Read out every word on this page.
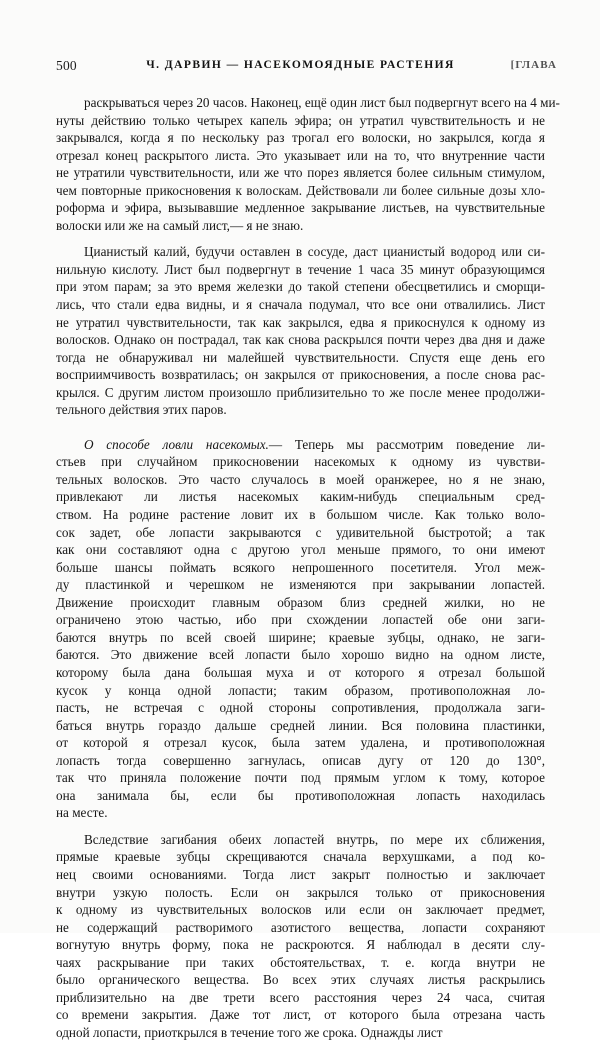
500	Ч. ДАРВИН — НАСЕКОМОЯДНЫЕ РАСТЕНИЯ	[ГЛАВА
раскрываться через 20 часов. Наконец, ещё один лист был подвергнут всего на 4 ми-
нуты действию только четырех капель эфира; он утратил чувствительность и не
закрывался, когда я по нескольку раз трогал его волоски, но закрылся, когда я
отрезал конец раскрытого листа. Это указывает или на то, что внутренние части
не утратили чувствительности, или же что порез является более сильным стимулом,
чем повторные прикосновения к волоскам. Действовали ли более сильные дозы хло-
роформа и эфира, вызывавшие медленное закрывание листьев, на чувствительные
волоски или же на самый лист,— я не знаю.
Цианистый калий, будучи оставлен в сосуде, даст цианистый водород или си-
нильную кислоту. Лист был подвергнут в течение 1 часа 35 минут образующимся
при этом парам; за это время железки до такой степени обесцветились и сморщи-
лись, что стали едва видны, и я сначала подумал, что все они отвалились. Лист
не утратил чувствительности, так как закрылся, едва я прикоснулся к одному из
волосков. Однако он пострадал, так как снова раскрылся почти через два дня и даже
тогда не обнаруживал ни малейшей чувствительности. Спустя еще день его
восприимчивость возвратилась; он закрылся от прикосновения, а после снова рас-
крылся. С другим листом произошло приблизительно то же после менее продолжи-
тельного действия этих паров.
О способе ловли насекомых.— Теперь мы рассмотрим поведение ли-
стьев при случайном прикосновении насекомых к одному из чувстви-
тельных волосков. Это часто случалось в моей оранжерее, но я не знаю,
привлекают ли листья насекомых каким-нибудь специальным сред-
ством. На родине растение ловит их в большом числе. Как только воло-
сок задет, обе лопасти закрываются с удивительной быстротой; а так
как они составляют одна с другою угол меньше прямого, то они имеют
больше шансы поймать всякого непрошенного посетителя. Угол меж-
ду пластинкой и черешком не изменяются при закрывании лопастей.
Движение происходит главным образом близ средней жилки, но не
ограничено этою частью, ибо при схождении лопастей обе они заги-
баются внутрь по всей своей ширине; краевые зубцы, однако, не заги-
баются. Это движение всей лопасти было хорошо видно на одном листе,
которому была дана большая муха и от которого я отрезал большой
кусок у конца одной лопасти; таким образом, противоположная ло-
пасть, не встречая с одной стороны сопротивления, продолжала заги-
баться внутрь гораздо дальше средней линии. Вся половина пластинки,
от которой я отрезал кусок, была затем удалена, и противоположная
лопасть тогда совершенно загнулась, описав дугу от 120 до 130°,
так что приняла положение почти под прямым углом к тому, которое
она занимала бы, если бы противоположная лопасть находилась
на месте.
Вследствие загибания обеих лопастей внутрь, по мере их сближения,
прямые краевые зубцы скрещиваются сначала верхушками, а под ко-
нец своими основаниями. Тогда лист закрыт полностью и заключает
внутри узкую полость. Если он закрылся только от прикосновения
к одному из чувствительных волосков или если он заключает предмет,
не содержащий растворимого азотистого вещества, лопасти сохраняют
вогнутую внутрь форму, пока не раскроются. Я наблюдал в десяти слу-
чаях раскрывание при таких обстоятельствах, т. е. когда внутри не
было органического вещества. Во всех этих случаях листья раскрылись
приблизительно на две трети всего расстояния через 24 часа, считая
со времени закрытия. Даже тот лист, от которого была отрезана часть
одной лопасти, приоткрылся в течение того же срока. Однажды лист
